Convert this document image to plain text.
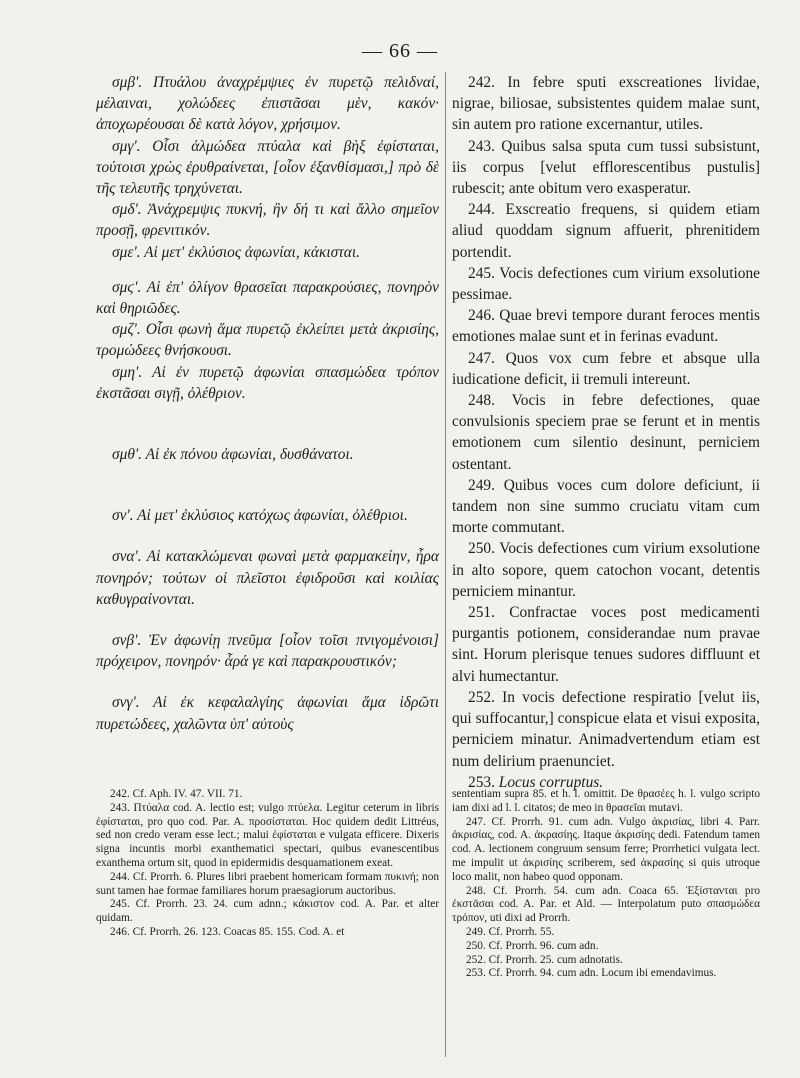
— 66 —

σμβ'. Πτυάλου ἀναχρέμψιες ἐν πυρετῷ πελιδναί, μέλαιναι, χολώδεες ἐπιστᾶσαι μὲν, κακόν· ἀποχωρέουσαι δὲ κατὰ λόγον, χρήσιμον.

σμγ'. Οἷσι ἁλμώδεα πτύαλα καὶ βὴξ ἐφίσταται, τούτοισι χρὼς ἐρυθραίνεται, [οἷον ἐξανθίσμασι,] πρὸ δὲ τῆς τελευτῆς τρηχύνεται.

σμδ'. Ἀνάχρεμψις πυκνή, ἣν δή τι καὶ ἄλλο σημεῖον προσῇ, φρενιτικόν.

σμε'. Αἱ μετ' ἐκλύσιος ἀφωνίαι, κάκισται.

σμϛ'. Αἱ ἐπ' ὀλίγον θρασεῖαι παρακρούσιες, πονηρὸν καὶ θηριῶδες.

σμζ'. Οἷσι φωνὴ ἅμα πυρετῷ ἐκλείπει μετὰ ἀκρισίης, τρομώδεες θνήσκουσι.

σμη'. Αἱ ἐν πυρετῷ ἀφωνίαι σπασμώδεα τρόπον ἐκστᾶσαι σιγῇ, ὀλέθριον.

σμθ'. Αἱ ἐκ πόνου ἀφωνίαι, δυσθάνατοι.

σν'. Αἱ μετ' ἐκλύσιος κατόχως ἀφωνίαι, ὀλέθριοι.

σνα'. Αἱ κατακλώμεναι φωναὶ μετὰ φαρμακείην, ἦρα πονηρόν; τούτων οἱ πλεῖστοι ἐφιδροῦσι καὶ κοιλίας καθυγραίνονται.

σνβ'. Ἐν ἀφωνίῃ πνεῦμα [οἷον τοῖσι πνιγομένοισι] πρόχειρον, πονηρόν· ἆρά γε καὶ παρακρουστικόν;

σνγ'. Αἱ ἐκ κεφαλαλγίης ἀφωνίαι ἅμα ἱδρῶτι πυρετώδεες, χαλῶντα ὑπ' αὐτοὺς

242. In febre sputi exscreationes lividae, nigrae, biliosae, subsistentes quidem malae sunt, sin autem pro ratione excernantur, utiles.

243. Quibus salsa sputa cum tussi subsistunt, iis corpus [velut efflorescentibus pustulis] rubescit; ante obitum vero exasperatur.

244. Exscreatio frequens, si quidem etiam aliud quoddam signum affuerit, phrenitidem portendit.

245. Vocis defectiones cum virium exsolutione pessimae.

246. Quae brevi tempore durant feroces mentis emotiones malae sunt et in ferinas evadunt.

247. Quos vox cum febre et absque ulla iudicatione deficit, ii tremuli intereunt.

248. Vocis in febre defectiones, quae convulsionis speciem prae se ferunt et in mentis emotionem cum silentio desinunt, perniciem ostentant.

249. Quibus voces cum dolore deficiunt, ii tandem non sine summo cruciatu vitam cum morte commutant.

250. Vocis defectiones cum virium exsolutione in alto sopore, quem catochon vocant, detentis perniciem minantur.

251. Confractae voces post medicamenti purgantis potionem, considerandae num pravae sint. Horum plerisque tenues sudores diffluunt et alvi humectantur.

252. In vocis defectione respiratio [velut iis, qui suffocantur,] conspicue elata et visui exposita, perniciem minatur. Animadvertendum etiam est num delirium praenunciet.

253. Locus corruptus.

242. Cf. Aph. IV. 47. VII. 71.

243. Πτύαλα cod. A. lectio est; vulgo πτύελα. Legitur ceterum in libris ἐφίσταται, pro quo cod. Par. A. προσίσταται. Hoc quidem dedit Littréus, sed non credo veram esse lect.; malui ἐφίσταται e vulgata efficere. Dixeris signa incuntis morbi exanthematici spectari, quibus evanescentibus exanthema ortum sit, quod in epidermidis desquamationem exeat.

244. Cf. Prorrh. 6. Plures libri praebent homericam formam πυκινή; non sunt tamen hae formae familiares horum praesagiorum auctoribus.

245. Cf. Prorrh. 23. 24. cum adnn.; κάκιστον cod. A. Par. et alter quidam.

246. Cf. Prorrh. 26. 123. Coacas 85. 155. Cod. A. et

sententiam supra 85. et h. l. omittit. De θρασέες h. l. vulgo scripto iam dixi ad l. l. citatos; de meo in θρασεῖαι mutavi.

247. Cf. Prorrh. 91. cum adn. Vulgo ἀκρισίας, libri 4. Parr. ἀκρισίας, cod. A. ἀκρασίης. Itaque ἀκρισίης dedi. Fatendum tamen cod. A. lectionem congruum sensum ferre; Prorrhetici vulgata lect. me impulit ut ἀκρισίης scriberem, sed ἀκρασίης si quis utroque loco malit, non habeo quod opponam.

248. Cf. Prorrh. 54. cum adn. Coaca 65. Ἐξίστανται pro ἐκστᾶσαι cod. A. Par. et Ald. — Interpolatum puto σπασμώδεα τρόπον, uti dixi ad Prorrh.

249. Cf. Prorrh. 55.

250. Cf. Prorrh. 96. cum adn.

252. Cf. Prorrh. 25. cum adnotatis.

253. Cf. Prorrh. 94. cum adn. Locum ibi emendavimus.
